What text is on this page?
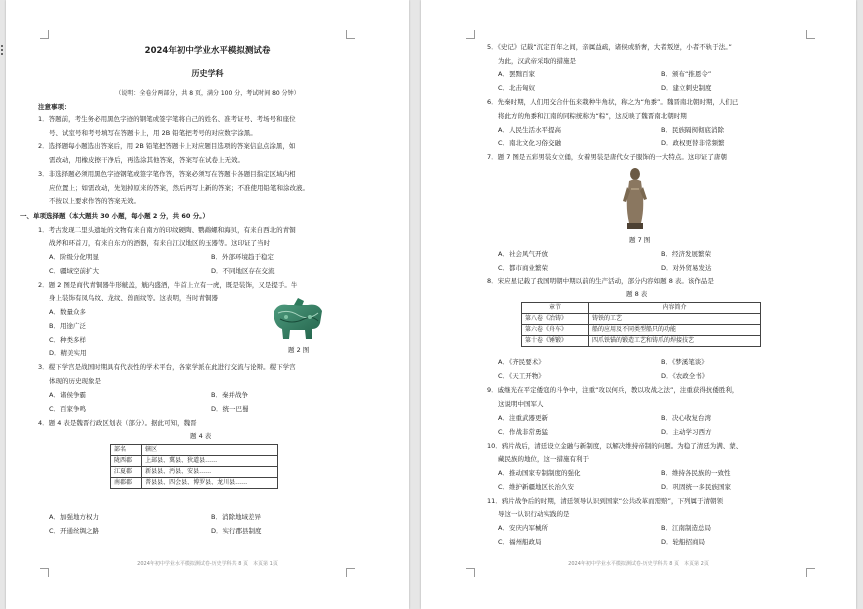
2024年初中学业水平模拟测试卷
历史学科
（说明：全卷分两部分，共 8 页，满分 100 分，考试时间 80 分钟）
注意事项：
1．答题前，考生务必用黑色字迹的钢笔或签字笔将自己的姓名、准考证号、考场号和座位
号、试室号和考号填写在答题卡上，用 2B 铅笔把考号的对应数字涂黑。
2．选择题每小题选出答案后，用 2B 铅笔把答题卡上对应题目选项的答案信息点涂黑，如
需改动，用橡皮擦干净后，再选涂其他答案，答案写在试卷上无效。
3．非选择题必须用黑色字迹钢笔或签字笔作答，答案必须写在答题卡各题目指定区域内相
应位置上；如需改动，先划掉原来的答案，然后再写上新的答案；不准使用铅笔和涂改液。
不按以上要求作答的答案无效。
一、单项选择题（本大题共 30 小题，每小题 2 分，共 60 分。）
1．考古发现二里头遗址的文物有来自南方的印纹硬陶、鹦鹉螺和海贝，有来自西北的青铜
战斧和环首刀，有来自东方的酒器，有来自江汉地区的玉器等。这印证了当时
A．阶级分化明显	B．外部环境趋于稳定
C．疆域空前扩大	D．不同地区存在交流
2．题 2 图是商代青铜器牛形觥盖，觥内盛酒，牛首上立有一虎，既是装饰，又是提手。牛
身上装饰有凤鸟纹、龙纹、兽面纹等。这表明，当时青铜器
A．数量众多
B．用途广泛
C．种类多样
D．精美实用	题 2 图
3．稷下学宫是战国时期具有代表性的学术平台，各家学派在此进行交流与论辩。稷下学宫
体现的历史现象是
A．诸侯争霸	B．秦并战争
C．百家争鸣	D．统一巴蜀
4．题 4 表是魏晋行政区划表（部分）。据此可知，魏晋
题 4 表
部名	辖区
陇西郡	上邽县、冀县、狄道县……
江夏郡	新县县、沔县、安县……
南郡郡	普县县、四会县、博罗县、龙川县……
A．加强地方权力	B．消除地域差异
C．开通丝绸之路	D．实行郡县制度
2024年初中学业水平模拟测试卷-历史学科共 8 页　本页第 1页
5．《史记》记载“沉定百年之间，亲属益疏，诸侯或骄奢，大者叛逆，小者不轨于法。”
为此，汉武帝采取的措施是
A．罢黜百家	B．颁布“推恩令”
C．北击匈奴	D．建立刺史制度
6．先秦时期，人们用交合什伍来栽种牛角状，称之为“角黍”。魏晋南北朝时期，人们已
将此方的角黍和江南的同粽统称为“粽”，这反映了魏晋南北朝时期
A．人民生活水平提高	B．民族隔阂彻底消除
C．南北文化习俗交融	D．政权更替非常频繁
7．题 7 图是五彩男装女立俑，女着男装是唐代女子服饰的一大特点。这印证了唐朝
题 7 图
A．社会风气开放	B．经济发展繁荣
C．都市商业繁荣	D．对外贸易发达
8．宋应星记载了我国明朝中期以前的生产活动，部分内容如题 8 表。该作品是
题 8 表
章节	内容简介
第八卷《冶铸》	铸铁的工艺
第六卷《舟车》	船的应用及不同类型船只的功能
第十卷《锤锻》	四爪铁锚的锻造工艺和铸爪的焊接技艺
A．《齐民要术》	B．《梦溪笔谈》
C．《天工开物》	D．《农政全书》
9．戚继光在平定倭寇的斗争中，注重“攻以何兵，教以攻战之法”，注重获得抗倭胜利，
这说明中国军人
A．注重武器更新	B．决心收复台湾
C．作战非常勇猛	D．主动学习西方
10．鸦片战后，清廷设立金融与新制度，以解决维持帝制的问题。为稳了清廷为满、蒙、
藏民族的地位，这一措施有利于
A．推动国家专制制度的强化	B．维持各民族的一致性
C．维护新疆地区长治久安	D．巩固统一多民族国家
11．鸦片战争后的时期，清廷领导认识到国家“公共改革而需赔”，下列属于清朝领
导这一认识行动实践的是
A．安庆内军械所	B．江南制造总局
C．福州船政局	D．轮船招商局
2024年初中学业水平模拟测试卷-历史学科共 8 页　本页第 2页
